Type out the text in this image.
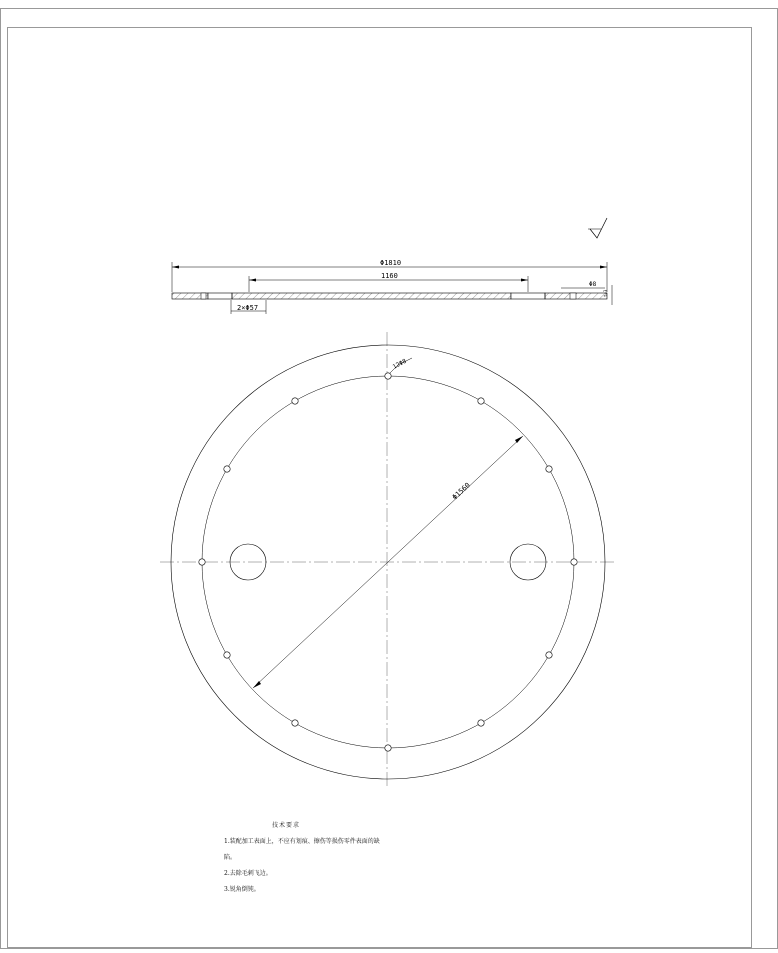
Φ1810
1160
Φ8
t=3
2×Φ57
12Φ8
Φ1560
技术要求
1.装配加工表面上，不应有划痕、擦伤等损伤零件表面的缺
陷。
2.去除毛刺飞边。
3.锐角倒钝。
